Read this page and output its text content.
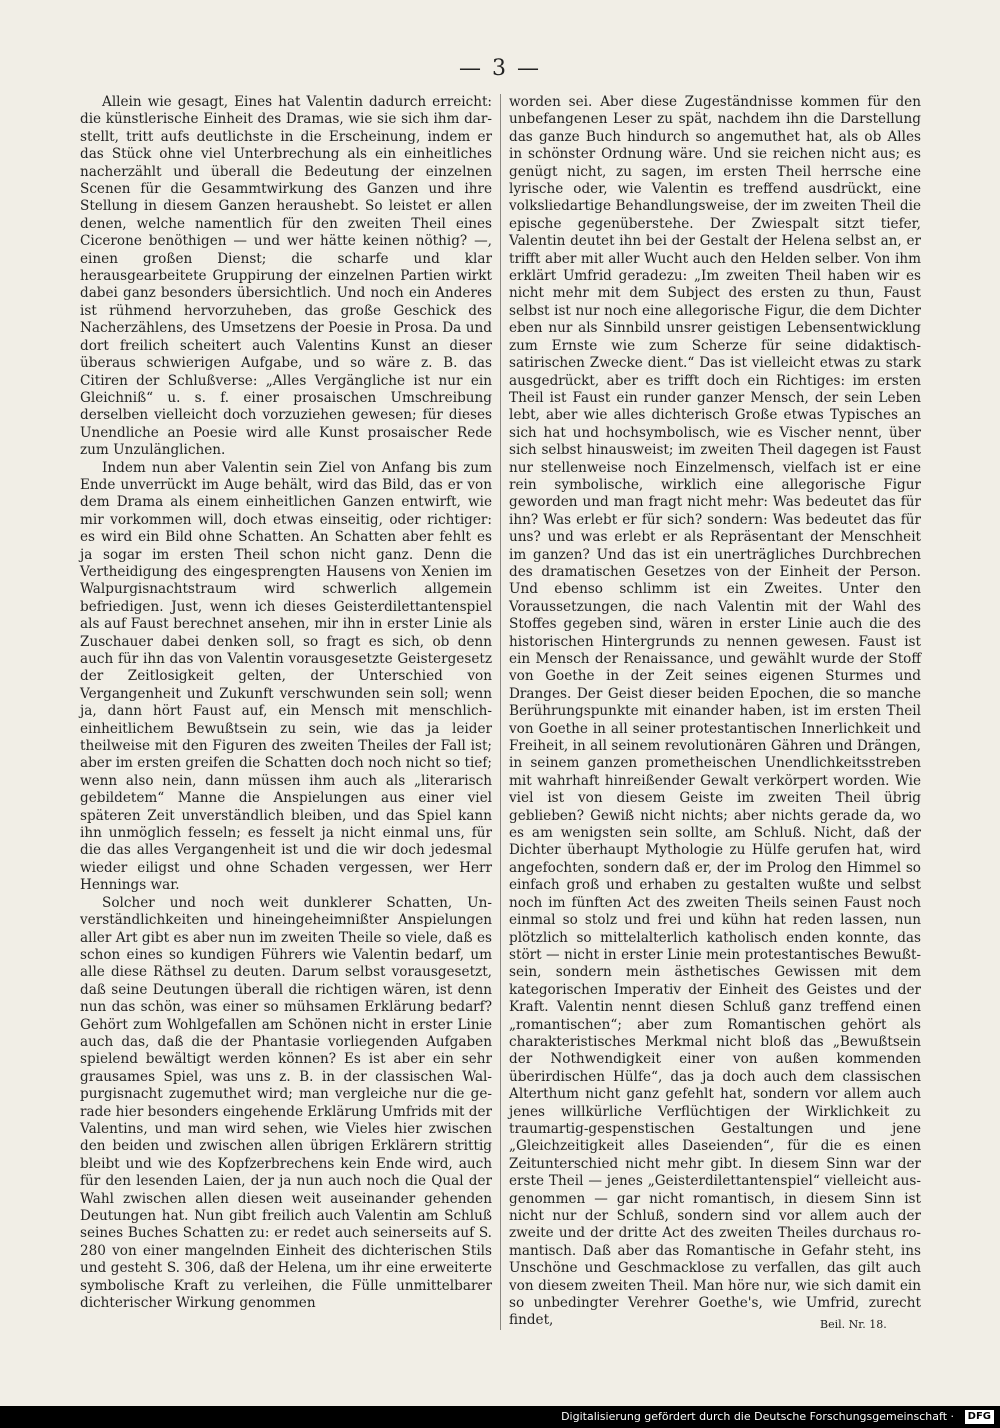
— 3 —

Allein wie gesagt, Eines hat Valentin dadurch erreicht: die künstlerische Einheit des Dramas, wie sie sich ihm darstellt, tritt aufs deutlichste in die Erscheinung, indem er das Stück ohne viel Unterbrechung als ein einheitliches nacherzählt und überall die Bedeutung der einzelnen Scenen für die Gesammtwirkung des Ganzen und ihre Stellung in diesem Ganzen heraushebt. So leistet er allen denen, welche namentlich für den zweiten Theil eines Cicerone benöthigen — und wer hätte keinen nöthig? —, einen großen Dienst; die scharfe und klar herausgearbeitete Gruppirung der einzelnen Partien wirkt dabei ganz besonders übersichtlich. Und noch ein Anderes ist rühmend hervorzuheben, das große Geschick des Nacherzählens, des Umsetzens der Poesie in Prosa. Da und dort freilich scheitert auch Valentins Kunst an dieser überaus schwierigen Aufgabe, und so wäre z. B. das Citiren der Schlußverse: „Alles Vergängliche ist nur ein Gleichniß“ u. s. f. einer prosaischen Umschreibung derselben vielleicht doch vorzuziehen gewesen; für dieses Unendliche an Poesie wird alle Kunst prosaischer Rede zum Unzulänglichen.

Indem nun aber Valentin sein Ziel von Anfang bis zum Ende unverrückt im Auge behält, wird das Bild, das er von dem Drama als einem einheitlichen Ganzen entwirft, wie mir vorkommen will, doch etwas einseitig, oder richtiger: es wird ein Bild ohne Schatten. An Schatten aber fehlt es ja sogar im ersten Theil schon nicht ganz. Denn die Vertheidigung des eingesprengten Hausens von Xenien im Walpurgisnachtstraum wird schwerlich allgemein befriedigen. Just, wenn ich dieses Geisterdilettantenspiel als auf Faust berechnet ansehen, mir ihn in erster Linie als Zuschauer dabei denken soll, so fragt es sich, ob denn auch für ihn das von Valentin vorausgesetzte Geistergesetz der Zeitlosigkeit gelten, der Unterschied von Vergangenheit und Zukunft verschwunden sein soll; wenn ja, dann hört Faust auf, ein Mensch mit menschlich-einheitlichem Bewußtsein zu sein, wie das ja leider theilweise mit den Figuren des zweiten Theiles der Fall ist; aber im ersten greifen die Schatten doch noch nicht so tief; wenn also nein, dann müssen ihm auch als „literarisch gebildetem“ Manne die Anspielungen aus einer viel späteren Zeit unverständlich bleiben, und das Spiel kann ihn unmöglich fesseln; es fesselt ja nicht einmal uns, für die das alles Vergangenheit ist und die wir doch jedesmal wieder eiligst und ohne Schaden vergessen, wer Herr Hennings war.

Solcher und noch weit dunklerer Schatten, Unverständlichkeiten und hineingeheimnißter Anspielungen aller Art gibt es aber nun im zweiten Theile so viele, daß es schon eines so kundigen Führers wie Valentin bedarf, um alle diese Räthsel zu deuten. Darum selbst vorausgesetzt, daß seine Deutungen überall die richtigen wären, ist denn nun das schön, was einer so mühsamen Erklärung bedarf? Gehört zum Wohlgefallen am Schönen nicht in erster Linie auch das, daß die der Phantasie vorliegenden Aufgaben spielend bewältigt werden können? Es ist aber ein sehr grausames Spiel, was uns z. B. in der classischen Walpurgisnacht zugemuthet wird; man vergleiche nur die gerade hier besonders eingehende Erklärung Umfrids mit der Valentins, und man wird sehen, wie Vieles hier zwischen den beiden und zwischen allen übrigen Erklärern strittig bleibt und wie des Kopfzerbrechens kein Ende wird, auch für den lesenden Laien, der ja nun auch noch die Qual der Wahl zwischen allen diesen weit auseinander gehenden Deutungen hat. Nun gibt freilich auch Valentin am Schluß seines Buches Schatten zu: er redet auch seinerseits auf S. 280 von einer mangelnden Einheit des dichterischen Stils und gesteht S. 306, daß der Helena, um ihr eine erweiterte symbolische Kraft zu verleihen, die Fülle unmittelbarer dichterischer Wirkung genommen

worden sei. Aber diese Zugeständnisse kommen für den unbefangenen Leser zu spät, nachdem ihn die Darstellung das ganze Buch hindurch so angemuthet hat, als ob Alles in schönster Ordnung wäre. Und sie reichen nicht aus; es genügt nicht, zu sagen, im ersten Theil herrsche eine lyrische oder, wie Valentin es treffend ausdrückt, eine volksliedartige Behandlungsweise, der im zweiten Theil die epische gegenüberstehe. Der Zwiespalt sitzt tiefer, Valentin deutet ihn bei der Gestalt der Helena selbst an, er trifft aber mit aller Wucht auch den Helden selber. Von ihm erklärt Umfrid geradezu: „Im zweiten Theil haben wir es nicht mehr mit dem Subject des ersten zu thun, Faust selbst ist nur noch eine allegorische Figur, die dem Dichter eben nur als Sinnbild unsrer geistigen Lebensentwicklung zum Ernste wie zum Scherze für seine didaktisch-satirischen Zwecke dient.“ Das ist vielleicht etwas zu stark ausgedrückt, aber es trifft doch ein Richtiges: im ersten Theil ist Faust ein runder ganzer Mensch, der sein Leben lebt, aber wie alles dichterisch Große etwas Typisches an sich hat und hochsymbolisch, wie es Vischer nennt, über sich selbst hinausweist; im zweiten Theil dagegen ist Faust nur stellenweise noch Einzelmensch, vielfach ist er eine rein symbolische, wirklich eine allegorische Figur geworden und man fragt nicht mehr: Was bedeutet das für ihn? Was erlebt er für sich? sondern: Was bedeutet das für uns? und was erlebt er als Repräsentant der Menschheit im ganzen? Und das ist ein unerträgliches Durchbrechen des dramatischen Gesetzes von der Einheit der Person. Und ebenso schlimm ist ein Zweites. Unter den Voraussetzungen, die nach Valentin mit der Wahl des Stoffes gegeben sind, wären in erster Linie auch die des historischen Hintergrunds zu nennen gewesen. Faust ist ein Mensch der Renaissance, und gewählt wurde der Stoff von Goethe in der Zeit seines eigenen Sturmes und Dranges. Der Geist dieser beiden Epochen, die so manche Berührungspunkte mit einander haben, ist im ersten Theil von Goethe in all seiner protestantischen Innerlichkeit und Freiheit, in all seinem revolutionären Gähren und Drängen, in seinem ganzen prometheischen Unendlichkeitsstreben mit wahrhaft hinreißender Gewalt verkörpert worden. Wie viel ist von diesem Geiste im zweiten Theil übrig geblieben? Gewiß nicht nichts; aber nichts gerade da, wo es am wenigsten sein sollte, am Schluß. Nicht, daß der Dichter überhaupt Mythologie zu Hülfe gerufen hat, wird angefochten, sondern daß er, der im Prolog den Himmel so einfach groß und erhaben zu gestalten wußte und selbst noch im fünften Act des zweiten Theils seinen Faust noch einmal so stolz und frei und kühn hat reden lassen, nun plötzlich so mittelalterlich katholisch enden konnte, das stört — nicht in erster Linie mein protestantisches Bewußtsein, sondern mein ästhetisches Gewissen mit dem kategorischen Imperativ der Einheit des Geistes und der Kraft. Valentin nennt diesen Schluß ganz treffend einen „romantischen“; aber zum Romantischen gehört als charakteristisches Merkmal nicht bloß das „Bewußtsein der Nothwendigkeit einer von außen kommenden überirdischen Hülfe“, das ja doch auch dem classischen Alterthum nicht ganz gefehlt hat, sondern vor allem auch jenes willkürliche Verflüchtigen der Wirklichkeit zu traumartig-gespenstischen Gestaltungen und jene „Gleichzeitigkeit alles Daseienden“, für die es einen Zeitunterschied nicht mehr gibt. In diesem Sinn war der erste Theil — jenes „Geisterdilettantenspiel“ vielleicht ausgenommen — gar nicht romantisch, in diesem Sinn ist nicht nur der Schluß, sondern sind vor allem auch der zweite und der dritte Act des zweiten Theiles durchaus romantisch. Daß aber das Romantische in Gefahr steht, ins Unschöne und Geschmacklose zu verfallen, das gilt auch von diesem zweiten Theil. Man höre nur, wie sich damit ein so unbedingter Verehrer Goethe's, wie Umfrid, zurecht findet,	Beil. Nr. 18.
Digitalisierung gefördert durch die Deutsche Forschungsgemeinschaft ·	DFG
